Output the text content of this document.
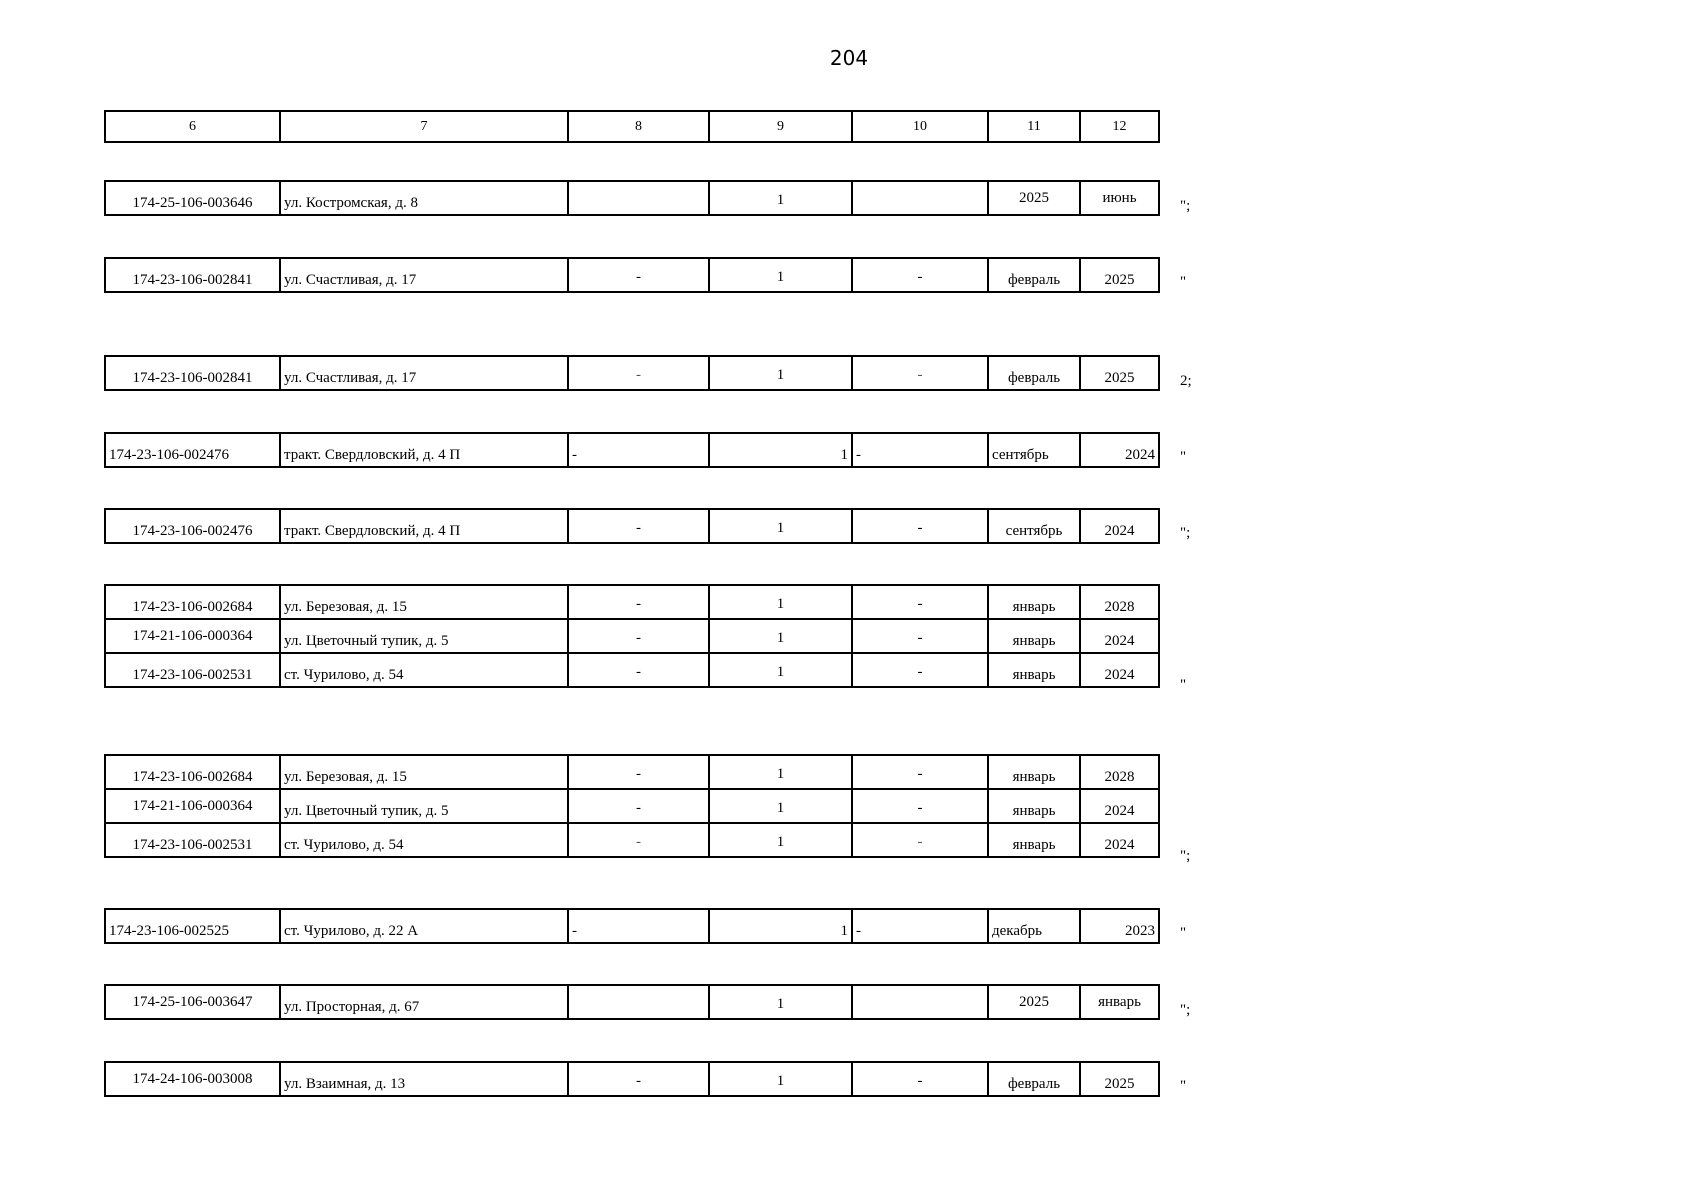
204
6	7	8	9	10	11	12
174-25-106-003646	ул. Костромская, д. 8		1		2025	июнь
";
174-23-106-002841	ул. Счастливая, д. 17	-	1	-	февраль	2025	"
174-23-106-002841	ул. Счастливая, д. 17	-	1	-	февраль	2025	2;
174-23-106-002476	тракт. Свердловский, д. 4 П	-	1	-	сентябрь	2024 "
174-23-106-002476	тракт. Свердловский, д. 4 П	-	1	-	сентябрь	2024	";
174-23-106-002684	ул. Березовая, д. 15	-	1	-	январь	2028
174-21-106-000364	ул. Цветочный тупик, д. 5	-	1	-	январь	2024
174-23-106-002531	ст. Чурилово, д. 54	-	1	-	январь	2024
"
174-23-106-002684	ул. Березовая, д. 15	-	1	-	январь	2028
174-21-106-000364	ул. Цветочный тупик, д. 5	-	1	-	январь	2024
174-23-106-002531	ст. Чурилово, д. 54	-	1	-	январь	2024
";
174-23-106-002525	ст. Чурилово, д. 22 А	-	1	-	декабрь	2023 "
174-25-106-003647	ул. Просторная, д. 67		1		2025	январь
";
174-24-106-003008	ул. Взаимная, д. 13	-	1	-	февраль	2025	"
